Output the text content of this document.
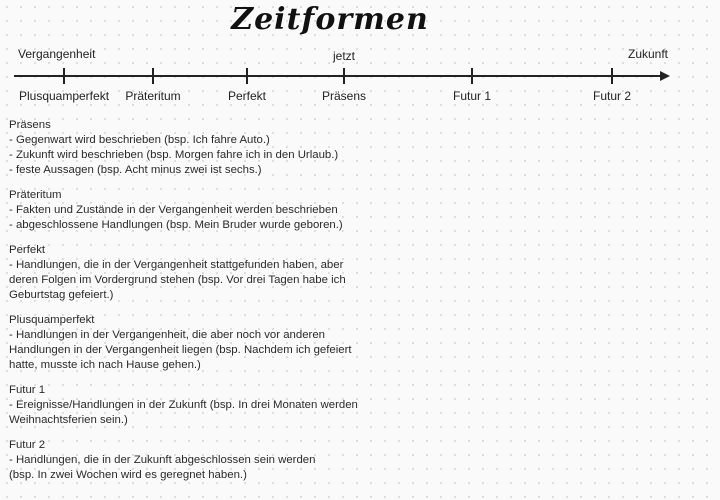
Zeitformen
Vergangenheit	jetzt	Zukunft
Plusquamperfekt Präteritum	Perfekt	Präsens	Futur 1	Futur 2
Präsens

- Gegenwart wird beschrieben (bsp. Ich fahre Auto.)

- Zukunft wird beschrieben (bsp. Morgen fahre ich in den Urlaub.)

- feste Aussagen (bsp. Acht minus zwei ist sechs.)

Präteritum

- Fakten und Zustände in der Vergangenheit werden beschrieben

- abgeschlossene Handlungen (bsp. Mein Bruder wurde geboren.)

Perfekt

- Handlungen, die in der Vergangenheit stattgefunden haben, aber

deren Folgen im Vordergrund stehen (bsp. Vor drei Tagen habe ich

Geburtstag gefeiert.)

Plusquamperfekt

- Handlungen in der Vergangenheit, die aber noch vor anderen

Handlungen in der Vergangenheit liegen (bsp. Nachdem ich gefeiert

hatte, musste ich nach Hause gehen.)

Futur 1

- Ereignisse/Handlungen in der Zukunft (bsp. In drei Monaten werden

Weihnachtsferien sein.)

Futur 2

- Handlungen, die in der Zukunft abgeschlossen sein werden

(bsp. In zwei Wochen wird es geregnet haben.)
